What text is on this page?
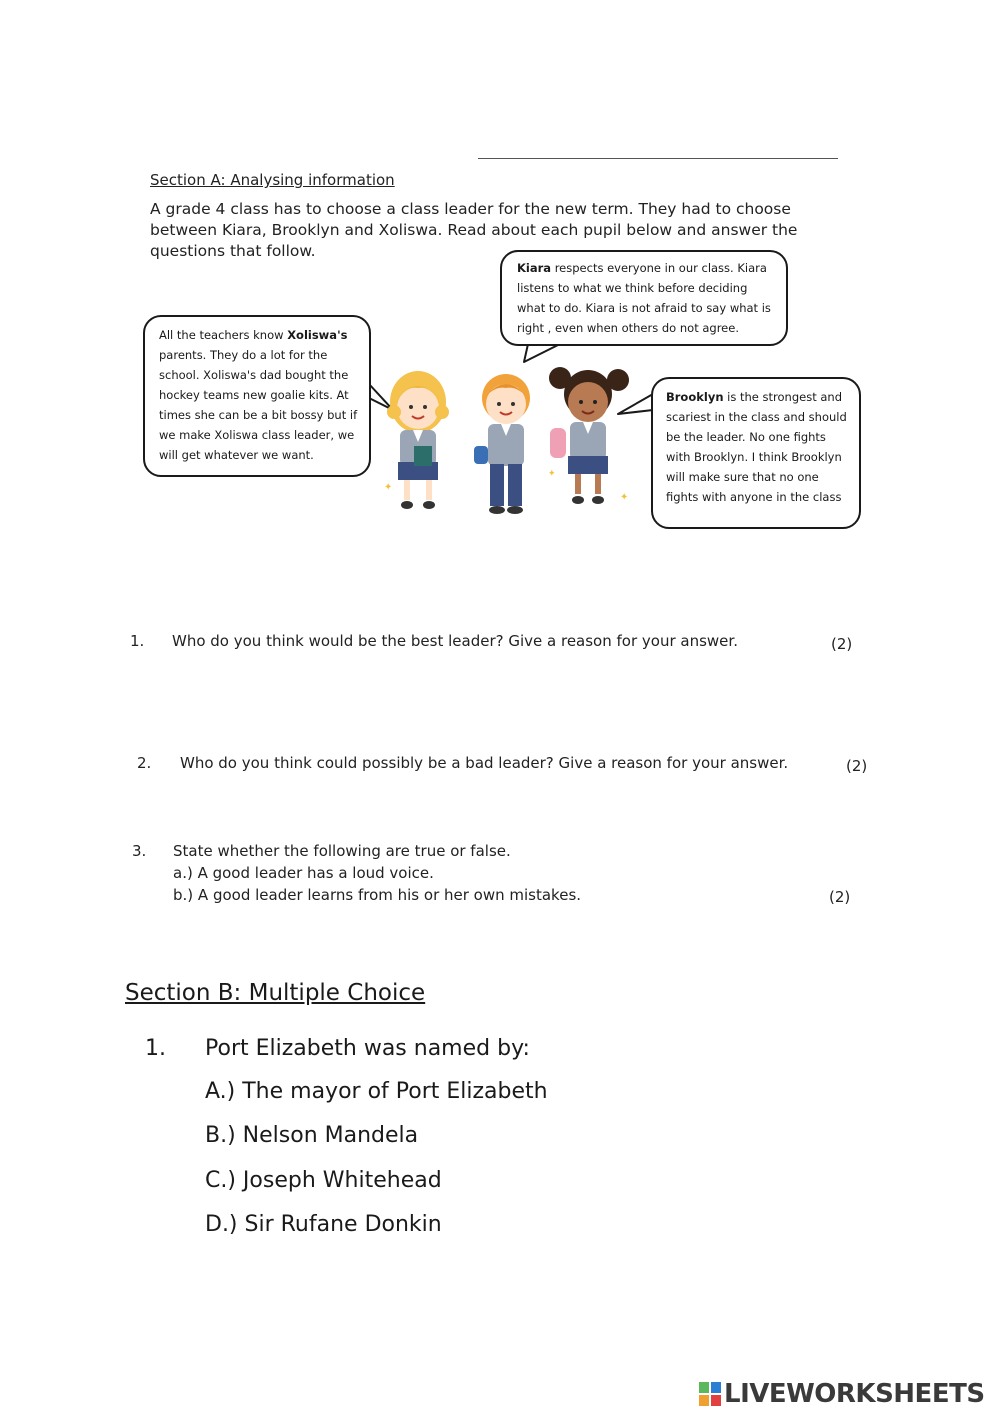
Section A: Analysing information
A grade 4 class has to choose a class leader for the new term. They had to choose between Kiara, Brooklyn and Xoliswa. Read about each pupil below and answer the questions that follow.
Kiara respects everyone in our class. Kiara listens to what we think before deciding what to do. Kiara is not afraid to say what is right , even when others do not agree.
All the teachers know Xoliswa's parents. They do a lot for the school. Xoliswa's dad bought the hockey teams new goalie kits. At times she can be a bit bossy but if we make Xoliswa class leader, we will get whatever we want.
Brooklyn is the strongest and scariest in the class and should be the leader. No one fights with Brooklyn. I think Brooklyn will make sure that no one fights with anyone in the class
✦
✦
✦
1. Who do you think would be the best leader? Give a reason for your answer.	(2)
2. Who do you think could possibly be a bad leader? Give a reason for your answer.	(2)
3. State whether the following are true or false.
a.) A good leader has a loud voice.
b.) A good leader learns from his or her own mistakes.	(2)
Section B: Multiple Choice
1. Port Elizabeth was named by:
A.) The mayor of Port Elizabeth
B.) Nelson Mandela
C.) Joseph Whitehead
D.) Sir Rufane Donkin
LIVEWORKSHEETS
